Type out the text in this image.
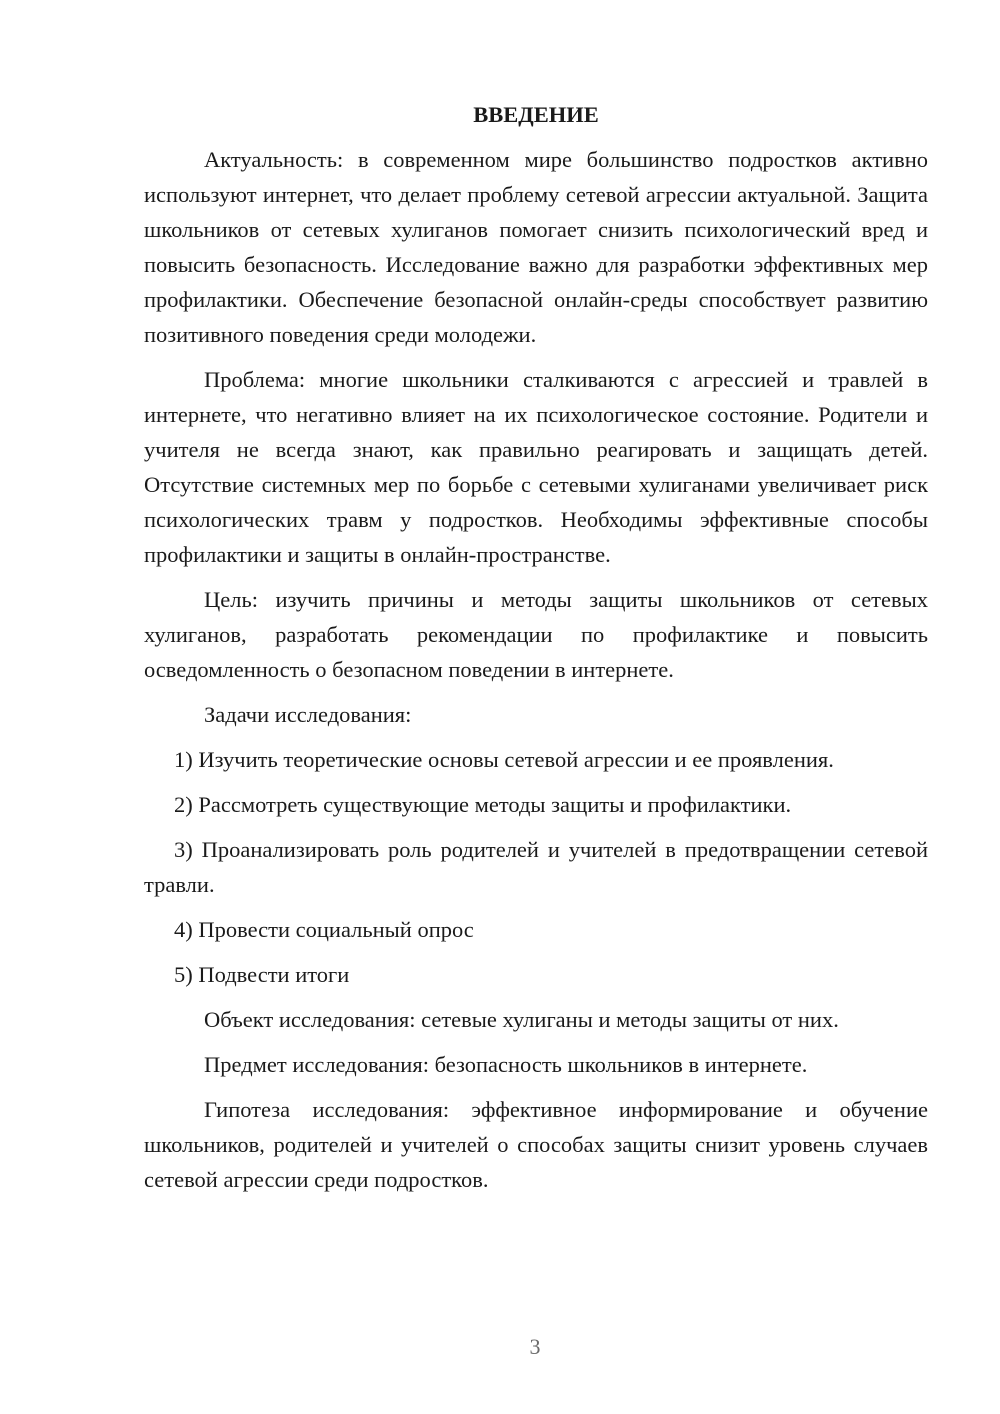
ВВЕДЕНИЕ

Актуальность: в современном мире большинство подростков активно используют интернет, что делает проблему сетевой агрессии актуальной. Защита школьников от сетевых хулиганов помогает снизить психологический вред и повысить безопасность. Исследование важно для разработки эффективных мер профилактики. Обеспечение безопасной онлайн-среды способствует развитию позитивного поведения среди молодежи.

Проблема: многие школьники сталкиваются с агрессией и травлей в интернете, что негативно влияет на их психологическое состояние. Родители и учителя не всегда знают, как правильно реагировать и защищать детей. Отсутствие системных мер по борьбе с сетевыми хулиганами увеличивает риск психологических травм у подростков. Необходимы эффективные способы профилактики и защиты в онлайн-пространстве.

Цель: изучить причины и методы защиты школьников от сетевых хулиганов, разработать рекомендации по профилактике и повысить осведомленность о безопасном поведении в интернете.

Задачи исследования:

1) Изучить теоретические основы сетевой агрессии и ее проявления.

2) Рассмотреть существующие методы защиты и профилактики.

3) Проанализировать роль родителей и учителей в предотвращении сетевой травли.

4) Провести социальный опрос

5) Подвести итоги

Объект исследования: сетевые хулиганы и методы защиты от них.

Предмет исследования: безопасность школьников в интернете.

Гипотеза исследования: эффективное информирование и обучение школьников, родителей и учителей о способах защиты снизит уровень случаев сетевой агрессии среди подростков.

3
